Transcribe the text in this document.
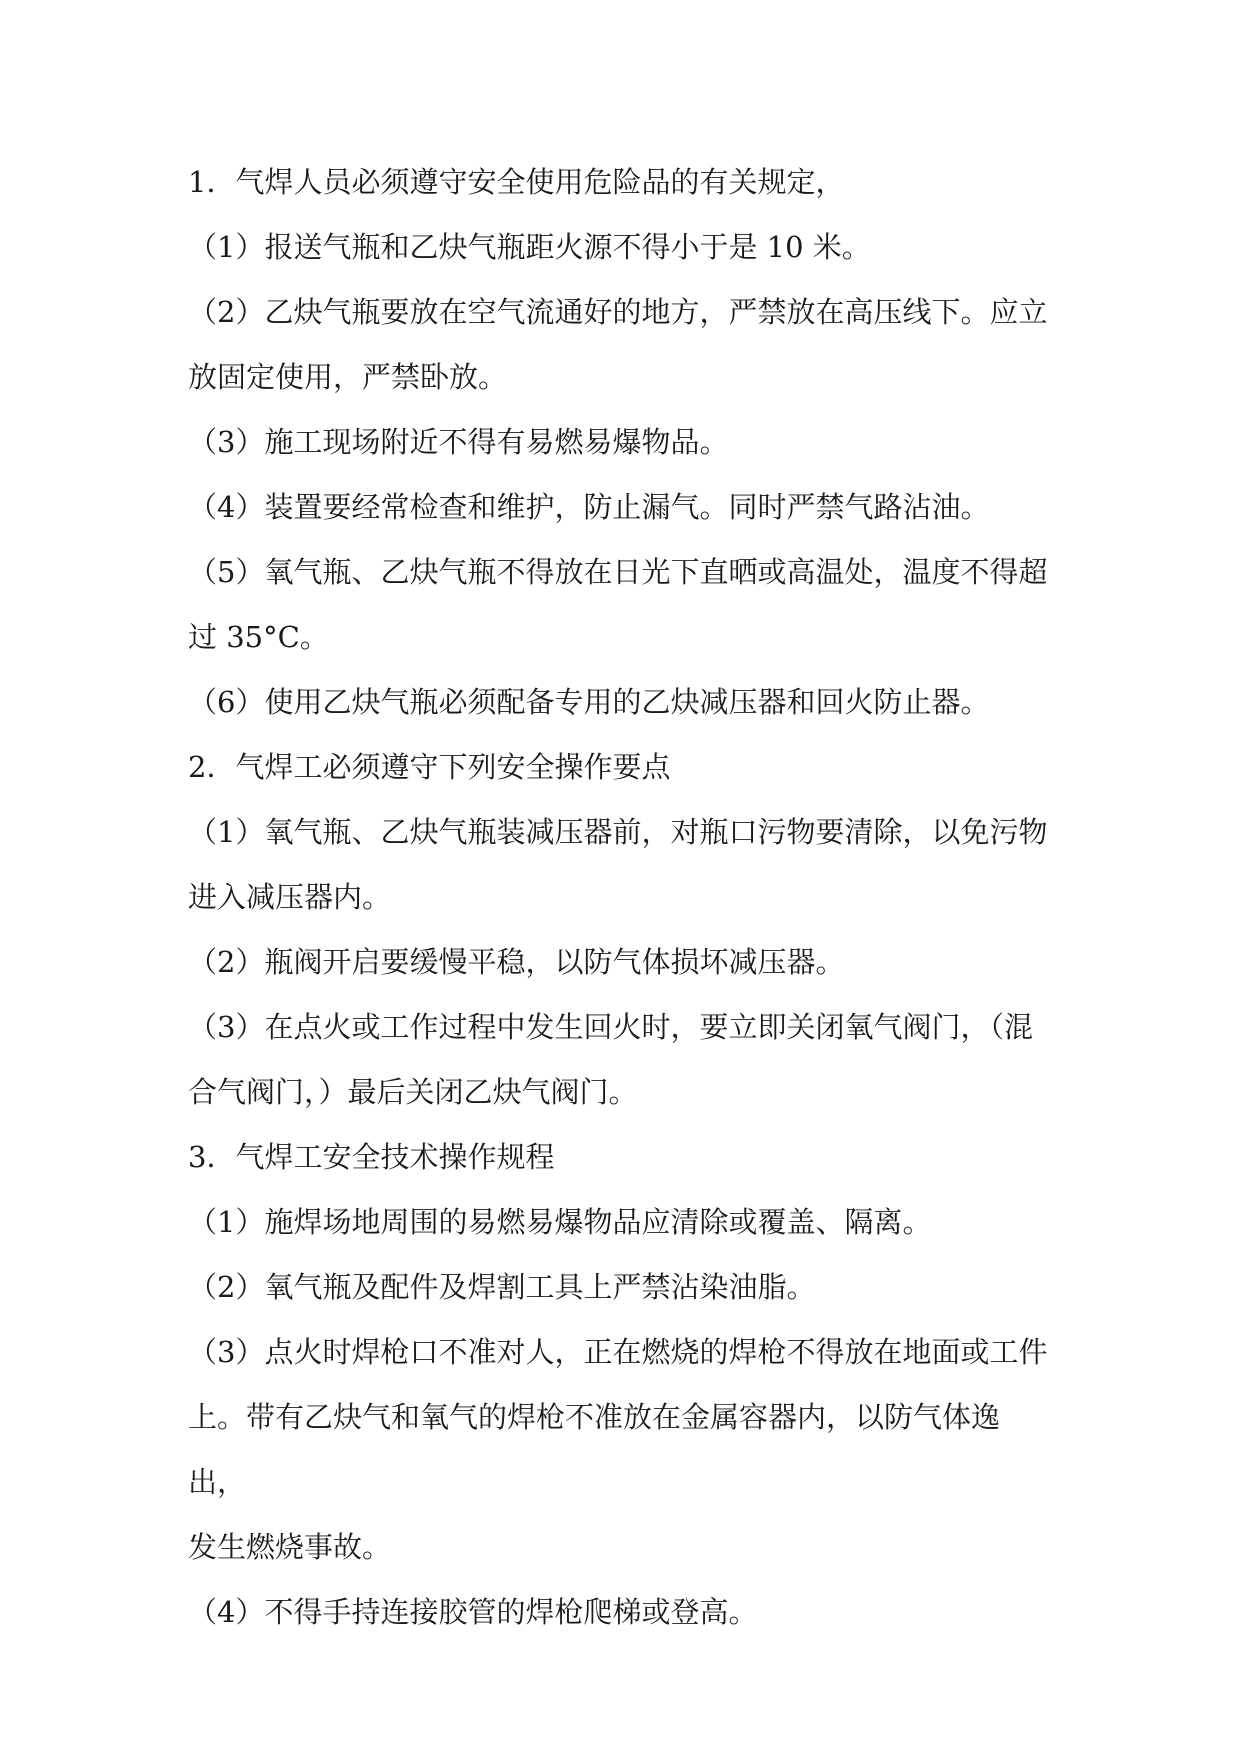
1．气焊人员必须遵守安全使用危险品的有关规定，

（1）报送气瓶和乙炔气瓶距火源不得小于是 10 米。

（2）乙炔气瓶要放在空气流通好的地方，严禁放在高压线下。应立

放固定使用，严禁卧放。

（3）施工现场附近不得有易燃易爆物品。

（4）装置要经常检查和维护，防止漏气。同时严禁气路沾油。

（5）氧气瓶、乙炔气瓶不得放在日光下直晒或高温处，温度不得超

过 35°C。

（6）使用乙炔气瓶必须配备专用的乙炔减压器和回火防止器。

2．气焊工必须遵守下列安全操作要点

（1）氧气瓶、乙炔气瓶装减压器前，对瓶口污物要清除，以免污物

进入减压器内。

（2）瓶阀开启要缓慢平稳，以防气体损坏减压器。

（3）在点火或工作过程中发生回火时，要立即关闭氧气阀门，（混

合气阀门，）最后关闭乙炔气阀门。

3．气焊工安全技术操作规程

（1）施焊场地周围的易燃易爆物品应清除或覆盖、隔离。

（2）氧气瓶及配件及焊割工具上严禁沾染油脂。

（3）点火时焊枪口不准对人，正在燃烧的焊枪不得放在地面或工件

上。带有乙炔气和氧气的焊枪不准放在金属容器内，以防气体逸出，

发生燃烧事故。

（4）不得手持连接胶管的焊枪爬梯或登高。
